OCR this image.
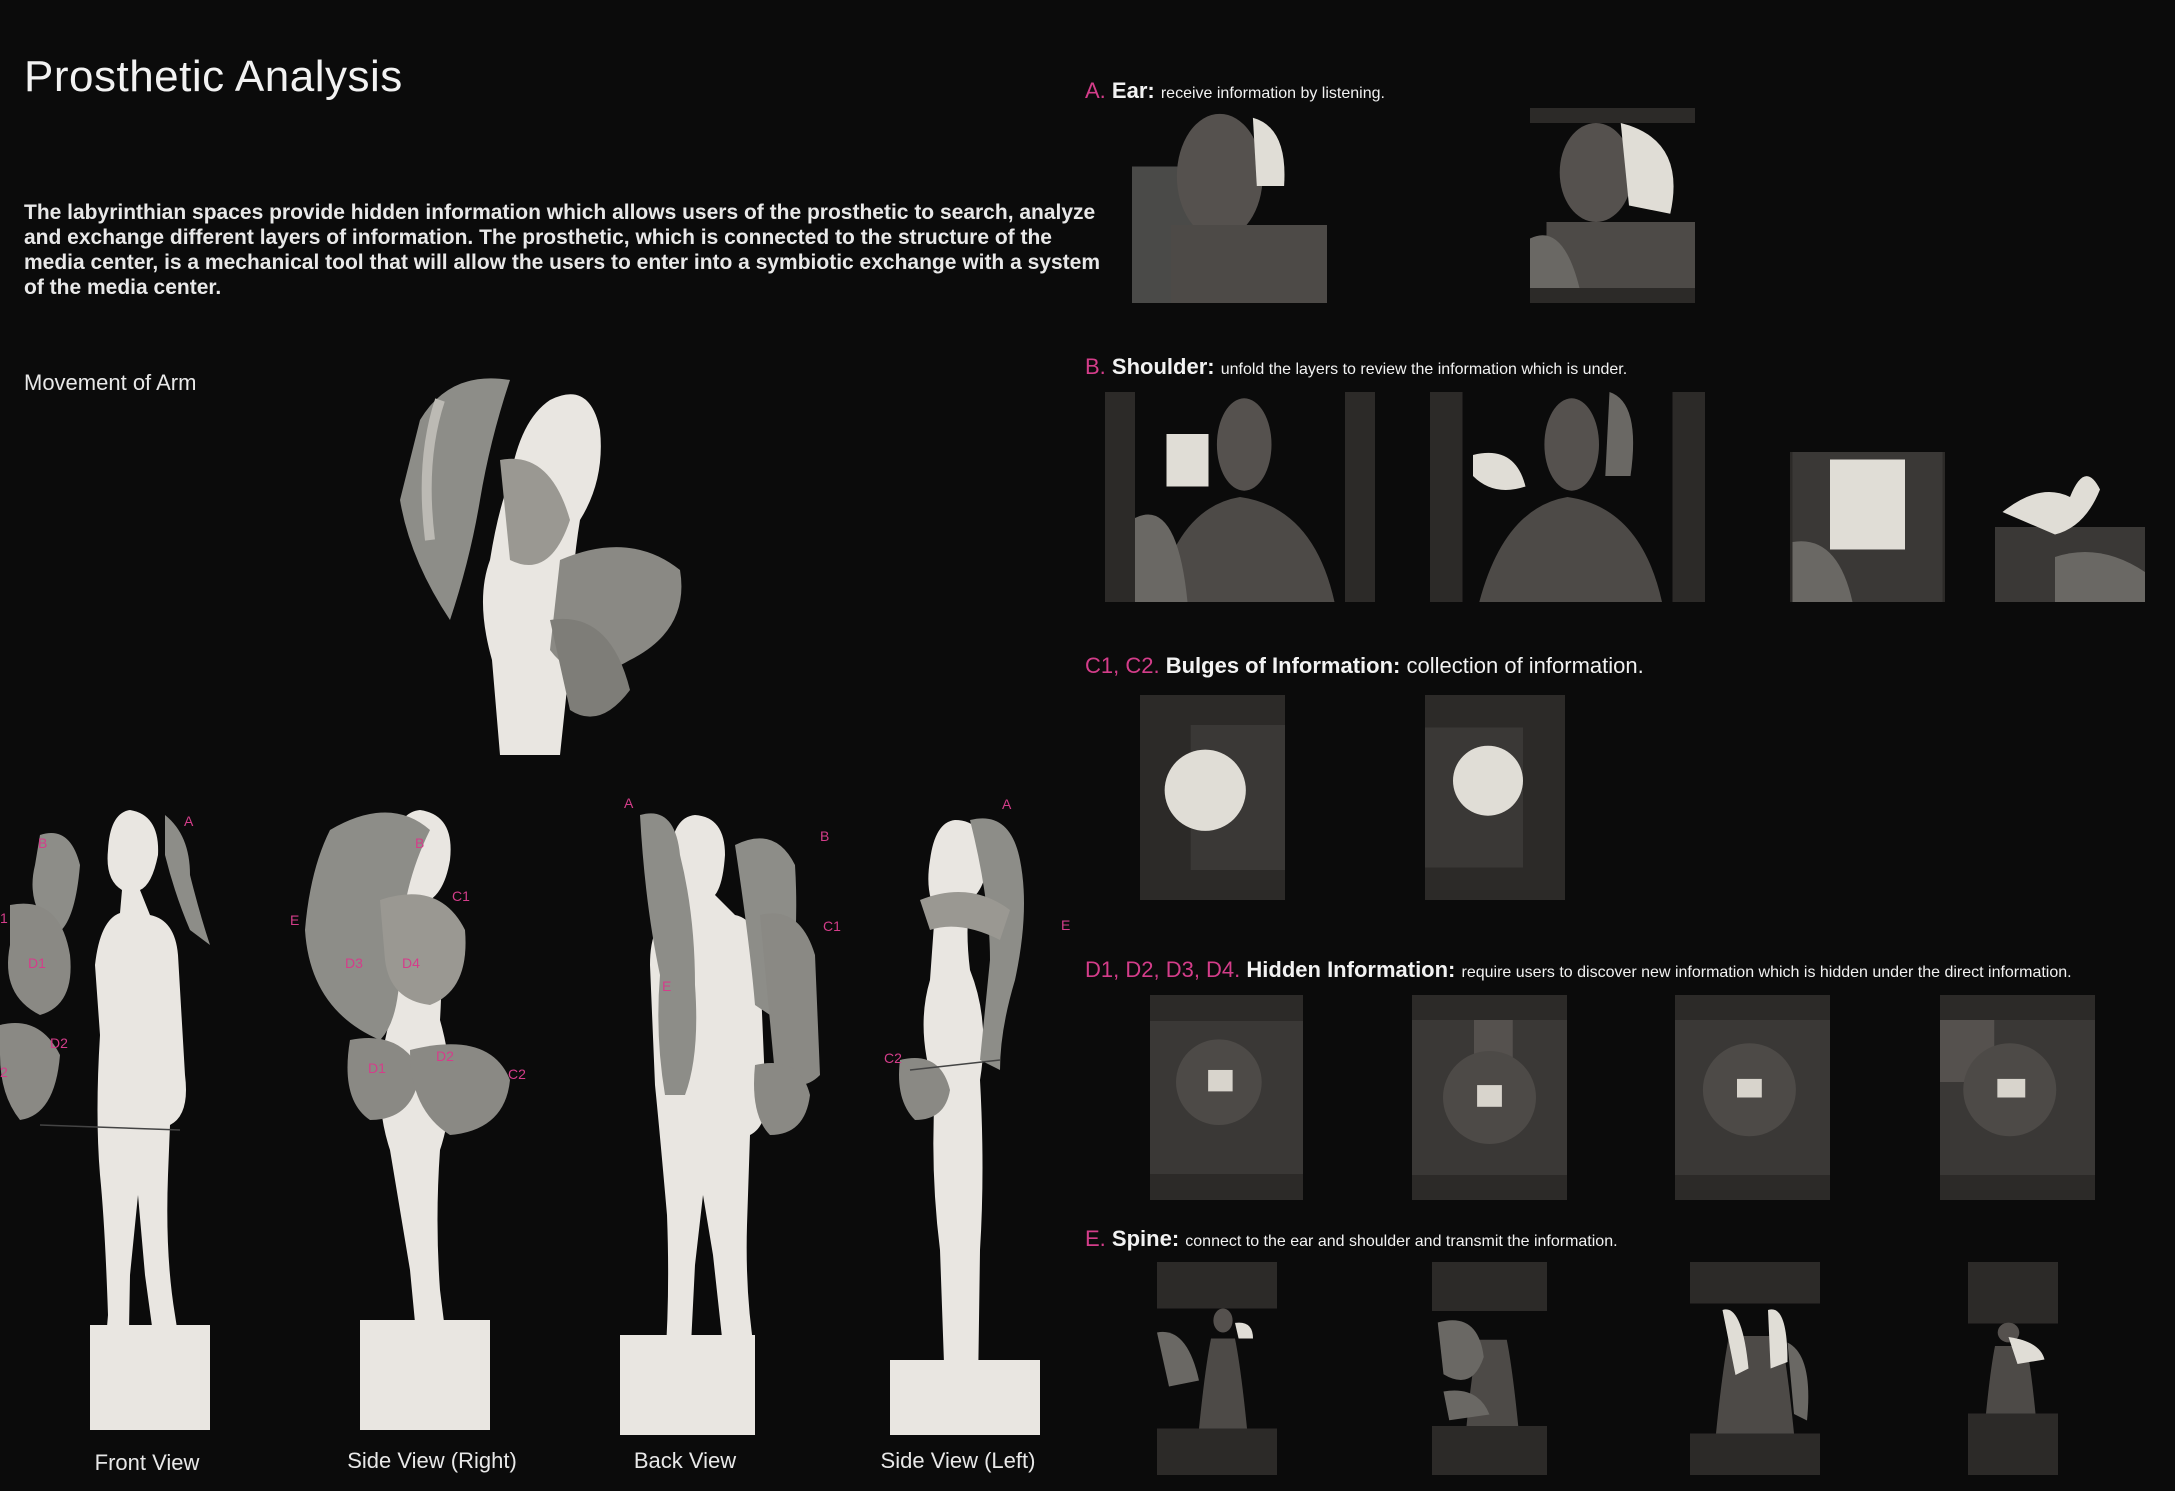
Prosthetic Analysis
The labyrinthian spaces provide hidden information which allows users of the prosthetic to search, analyze and exchange different layers of information. The prosthetic, which is connected to the structure of the media center, is a mechanical tool that will allow the users to enter into a symbiotic exchange with a system of the media center.
Movement of Arm
A
B
1
D1
D2
2
B
C1
E
D3	D4
D1
D2
C2
A
B
C1
E
A
E
C2
Front View	Side View (Right)	Back View	Side View (Left)
A. Ear: receive information by listening.
B. Shoulder: unfold the layers to review the information which is under.
C1, C2. Bulges of Information: collection of information.
D1, D2, D3, D4. Hidden Information: require users to discover new information which is hidden under the direct information.
E. Spine: connect to the ear and shoulder and transmit the information.
